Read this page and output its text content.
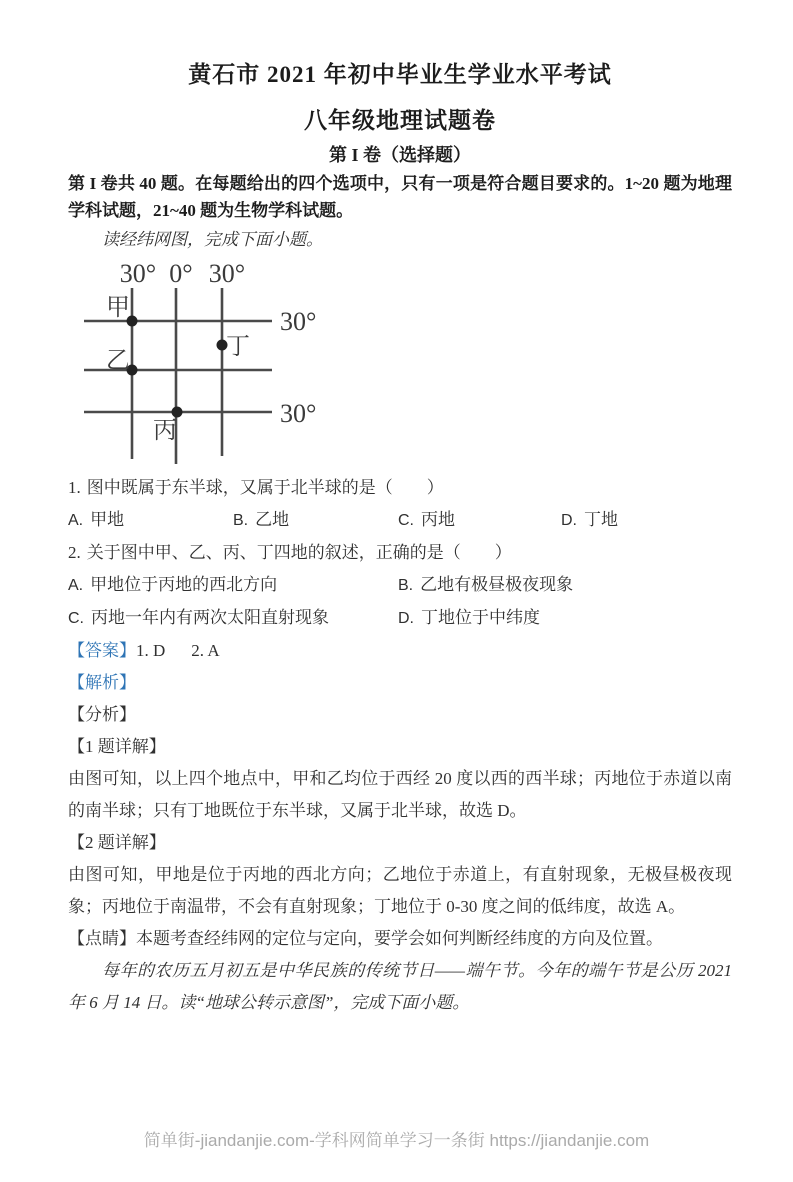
黄石市 2021 年初中毕业生学业水平考试
八年级地理试题卷
第 I 卷（选择题）

第 I 卷共 40 题。在每题给出的四个选项中，只有一项是符合题目要求的。1~20 题为地理学科试题，21~40 题为生物学科试题。

读经纬网图，完成下面小题。

30° 0° 30°
30°
30°
甲
乙
丁
丙
1. 图中既属于东半球，又属于北半球的是（　　）
A. 甲地	B. 乙地	C. 丙地	D. 丁地
2. 关于图中甲、乙、丙、丁四地的叙述，正确的是（　　）
A. 甲地位于丙地的西北方向	B. 乙地有极昼极夜现象
C. 丙地一年内有两次太阳直射现象	D. 丁地位于中纬度
【答案】1. D 2. A
【解析】
【分析】
【1 题详解】

由图可知，以上四个地点中，甲和乙均位于西经 20 度以西的西半球；丙地位于赤道以南的南半球；只有丁地既位于东半球，又属于北半球，故选 D。

【2 题详解】

由图可知，甲地是位于丙地的西北方向；乙地位于赤道上，有直射现象，无极昼极夜现象；丙地位于南温带，不会有直射现象；丁地位于 0-30 度之间的低纬度，故选 A。

【点睛】本题考查经纬网的定位与定向，要学会如何判断经纬度的方向及位置。

每年的农历五月初五是中华民族的传统节日——端午节。今年的端午节是公历 2021 年 6 月 14 日。读“地球公转示意图”，完成下面小题。

简单街-jiandanjie.com-学科网简单学习一条街 https://jiandanjie.com
